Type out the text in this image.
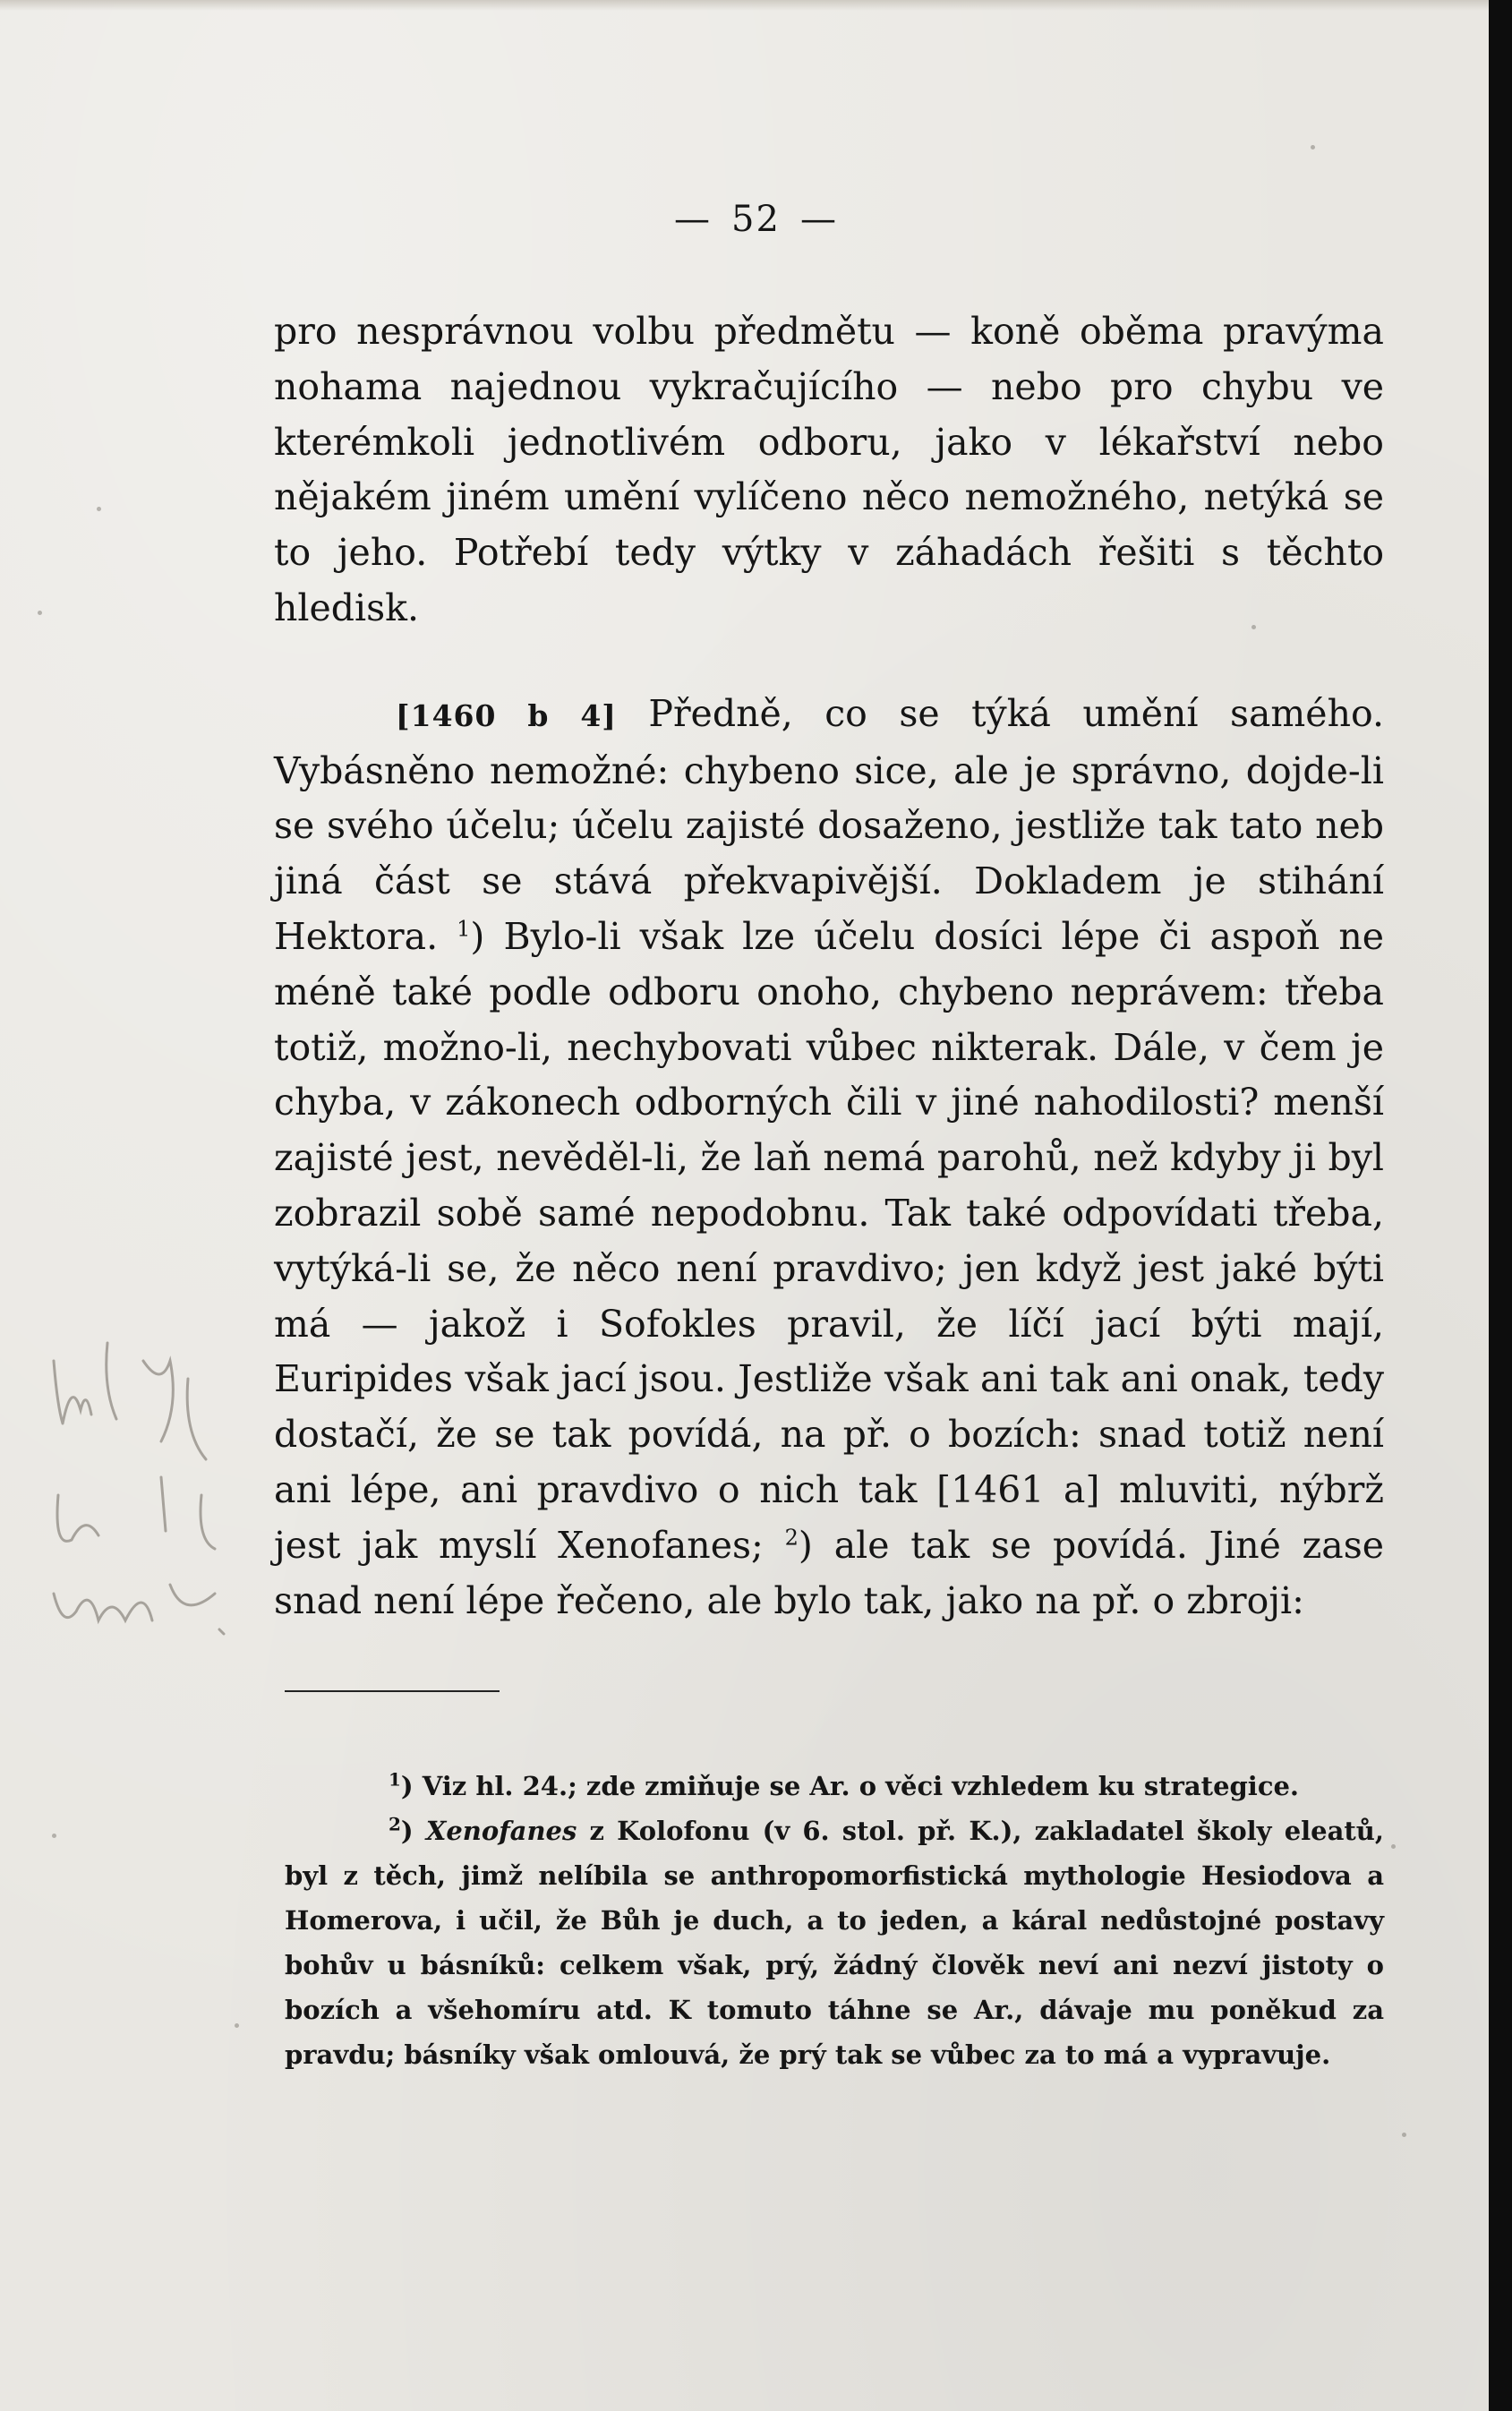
— 52 —

pro nesprávnou volbu předmětu — koně oběma pravýma nohama najednou vykračujícího — nebo pro chybu ve kterémkoli jednotlivém odboru, jako v lékařství nebo nějakém jiném umění vylíčeno něco nemožného, netýká se to jeho. Potřebí tedy výtky v záhadách řešiti s těchto hledisk.

[1460 b 4] Předně, co se týká umění samého. Vybásněno nemožné: chybeno sice, ale je správno, dojde-li se svého účelu; účelu zajisté dosaženo, jestliže tak tato neb jiná část se stává překvapivější. Dokladem je stihání Hektora. $^1$) Bylo-li však lze účelu dosíci lépe či aspoň ne méně také podle odboru onoho, chybeno neprávem: třeba totiž, možno-li, nechybovati vůbec nikterak. Dále, v čem je chyba, v zákonech odborných čili v jiné nahodilosti? menší zajisté jest, nevěděl-li, že laň nemá parohů, než kdyby ji byl zobrazil sobě samé nepodobnu. Tak také odpovídati třeba, vytýká-li se, že něco není pravdivo; jen když jest jaké býti má — jakož i Sofokles pravil, že líčí jací býti mají, Euripides však jací jsou. Jestliže však ani tak ani onak, tedy dostačí, že se tak povídá, na př. o bozích: snad totiž není ani lépe, ani pravdivo o nich tak [1461 a] mluviti, nýbrž jest jak myslí Xenofanes; $^2$) ale tak se povídá. Jiné zase snad není lépe řečeno, ale bylo tak, jako na př. o zbroji:

$^1$) Viz hl. 24.; zde zmiňuje se Ar. o věci vzhledem ku strategice.

$^2$) Xenofanes z Kolofonu (v 6. stol. př. K.), zakladatel školy eleatů, byl z těch, jimž nelíbila se anthropomorfistická mythologie Hesiodova a Homerova, i učil, že Bůh je duch, a to jeden, a káral nedůstojné postavy bohův u básníků: celkem však, prý, žádný člověk neví ani nezví jistoty o bozích a všehomíru atd. K tomuto táhne se Ar., dávaje mu poněkud za pravdu; básníky však omlouvá, že prý tak se vůbec za to má a vypravuje.
